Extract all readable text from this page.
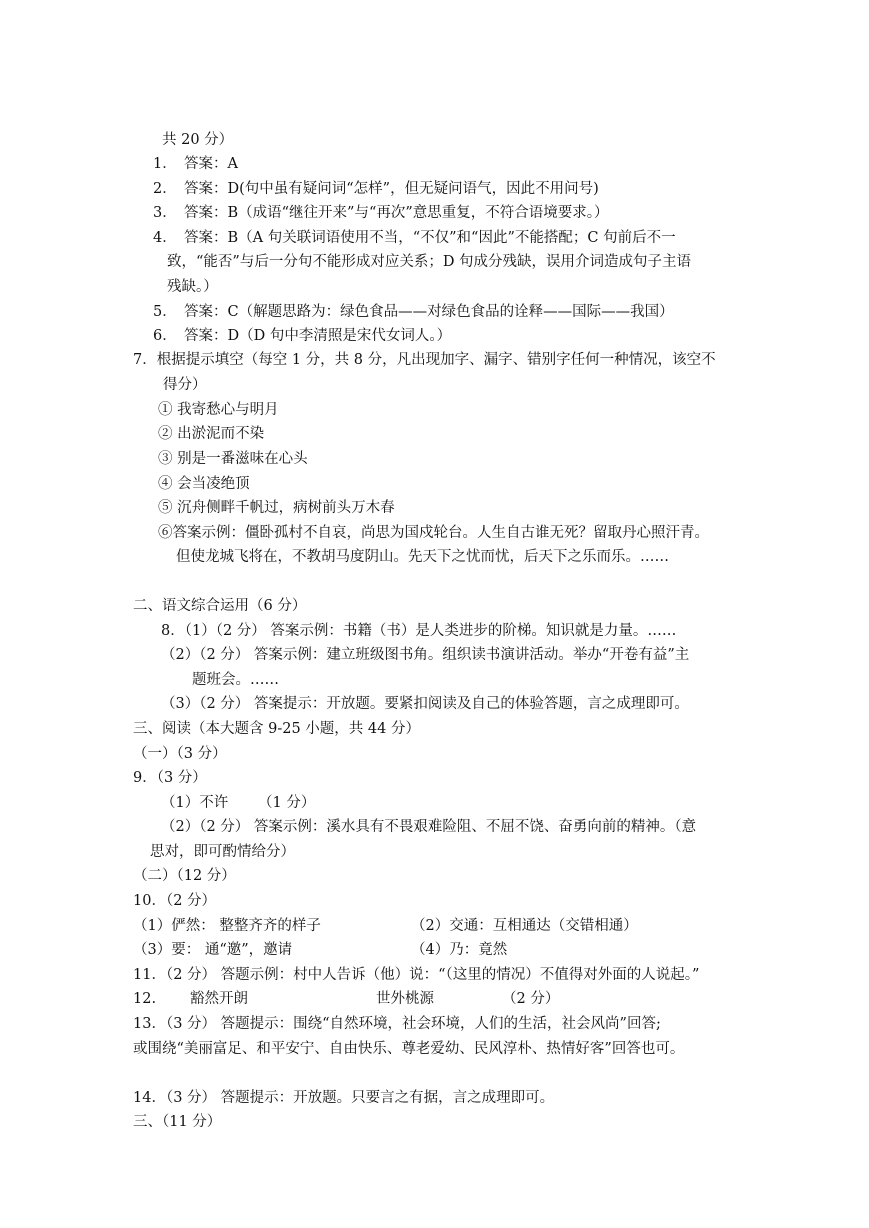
共 20 分）
1．　答案：A
2．　答案：D(句中虽有疑问词“怎样”，但无疑问语气，因此不用问号)
3．　答案：B（成语“继往开来”与“再次”意思重复，不符合语境要求。）
4．　答案：B（A 句关联词语使用不当，“不仅”和“因此”不能搭配；C 句前后不一
致，“能否”与后一分句不能形成对应关系；D 句成分残缺，误用介词造成句子主语
残缺。）
5．　答案：C（解题思路为：绿色食品——对绿色食品的诠释——国际——我国）
6．　答案：D（D 句中李清照是宋代女词人。）
7．根据提示填空（每空 1 分，共 8 分，凡出现加字、漏字、错别字任何一种情况，该空不
得分）
① 我寄愁心与明月
② 出淤泥而不染
③ 别是一番滋味在心头
④ 会当凌绝顶
⑤ 沉舟侧畔千帆过，病树前头万木春
⑥答案示例：僵卧孤村不自哀，尚思为国戍轮台。人生自古谁无死？留取丹心照汗青。
但使龙城飞将在，不教胡马度阴山。先天下之忧而忧，后天下之乐而乐。……
二、语文综合运用（6 分）
8．（1）（2 分） 答案示例：书籍（书）是人类进步的阶梯。知识就是力量。……
（2）（2 分） 答案示例：建立班级图书角。组织读书演讲活动。举办“开卷有益”主
题班会。……
（3）（2 分） 答案提示：开放题。要紧扣阅读及自己的体验答题，言之成理即可。
三、阅读（本大题含 9-25 小题，共 44 分）
（一）（3 分）
9．（3 分）
（1）不许 （1 分）
（2）（2 分） 答案示例：溪水具有不畏艰难险阻、不屈不饶、奋勇向前的精神。（意
思对，即可酌情给分）
（二）（12 分）
10．（2 分）
（1）俨然： 整整齐齐的样子	（2）交通：互相通达（交错相通）
（3）要： 通“邀”，邀请	（4）乃：竟然
11．（2 分） 答题示例：村中人告诉（他）说：“（这里的情况）不值得对外面的人说起。”
12. 豁然开朗	世外桃源	（2 分）
13．（3 分） 答题提示：围绕“自然环境，社会环境，人们的生活，社会风尚”回答;
或围绕“美丽富足、和平安宁、自由快乐、尊老爱幼、民风淳朴、热情好客”回答也可。
14．（3 分） 答题提示：开放题。只要言之有据，言之成理即可。
三、（11 分）
